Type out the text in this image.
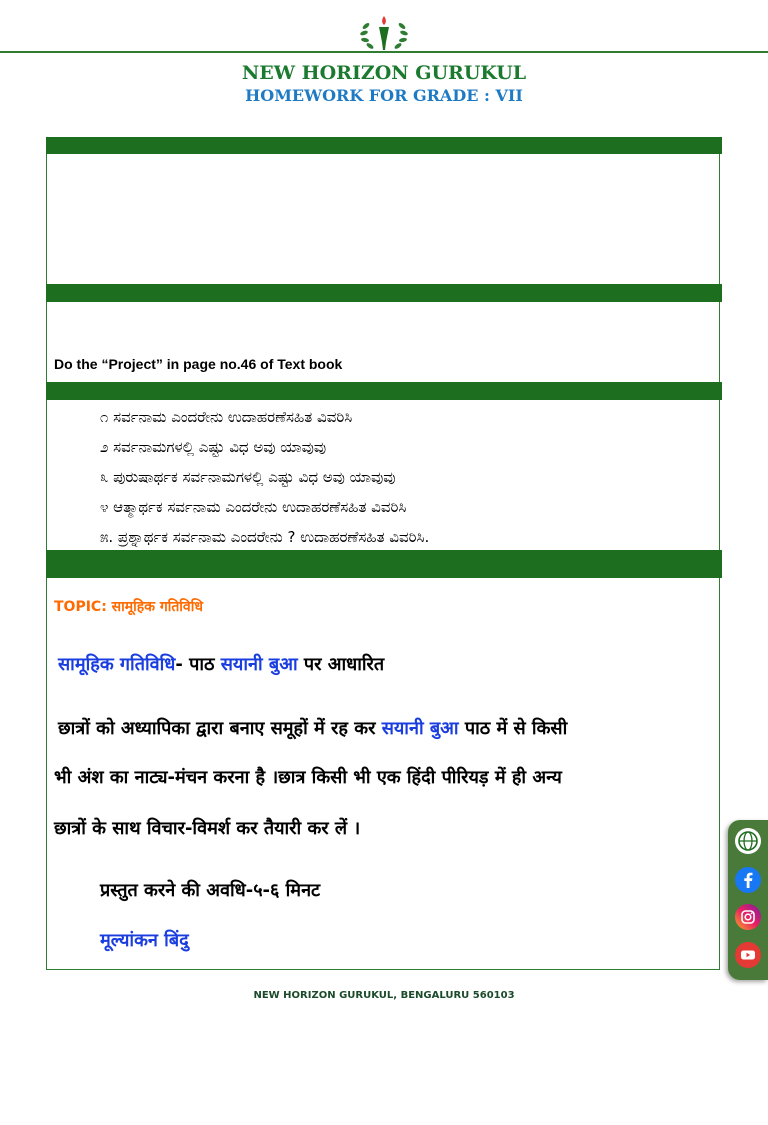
NEW HORIZON GURUKUL
HOMEWORK FOR GRADE : VII
DATE OF SUBMISSION: ०८.६.२४ -०८.६.२४
Do the “Project” in page no.46 of Text book
೧ ಸರ್ವನಾಮ ಎಂದರೇನು ಉದಾಹರಣೆಸಹಿತ ವಿವರಿಸಿ
೨ ಸರ್ವನಾಮಗಳಲ್ಲಿ ಎಷ್ಟು ವಿಧ ಅವು ಯಾವುವು
೩ ಪುರುಷಾರ್ಥಕ ಸರ್ವನಾಮಗಳಲ್ಲಿ ಎಷ್ಟು ವಿಧ ಅವು ಯಾವುವು
೪ ಆತ್ಮಾರ್ಥಕ ಸರ್ವನಾಮ ಎಂದರೇನು ಉದಾಹರಣೆಸಹಿತ ವಿವರಿಸಿ
೫. ಪ್ರಶ್ನಾರ್ಥಕ ಸರ್ವನಾಮ ಎಂದರೇನು ? ಉದಾಹರಣೆಸಹಿತ ವಿವರಿಸಿ.
TOPIC: सामूहिक गतिविधि
सामूहिक गतिविधि- पाठ सयानी बुआ पर आधारित
छात्रों को अध्यापिका द्वारा बनाए समूहों में रह कर सयानी बुआ पाठ में से किसी
भी अंश का नाट्य-मंचन करना है ।छात्र किसी भी एक हिंदी पीरियड़ में ही अन्य
छात्रों के साथ विचार-विमर्श कर तैयारी कर लें ।
प्रस्तुत करने की अवधि-५-६ मिनट
मूल्यांकन बिंदु
NEW HORIZON GURUKUL, BENGALURU 560103
